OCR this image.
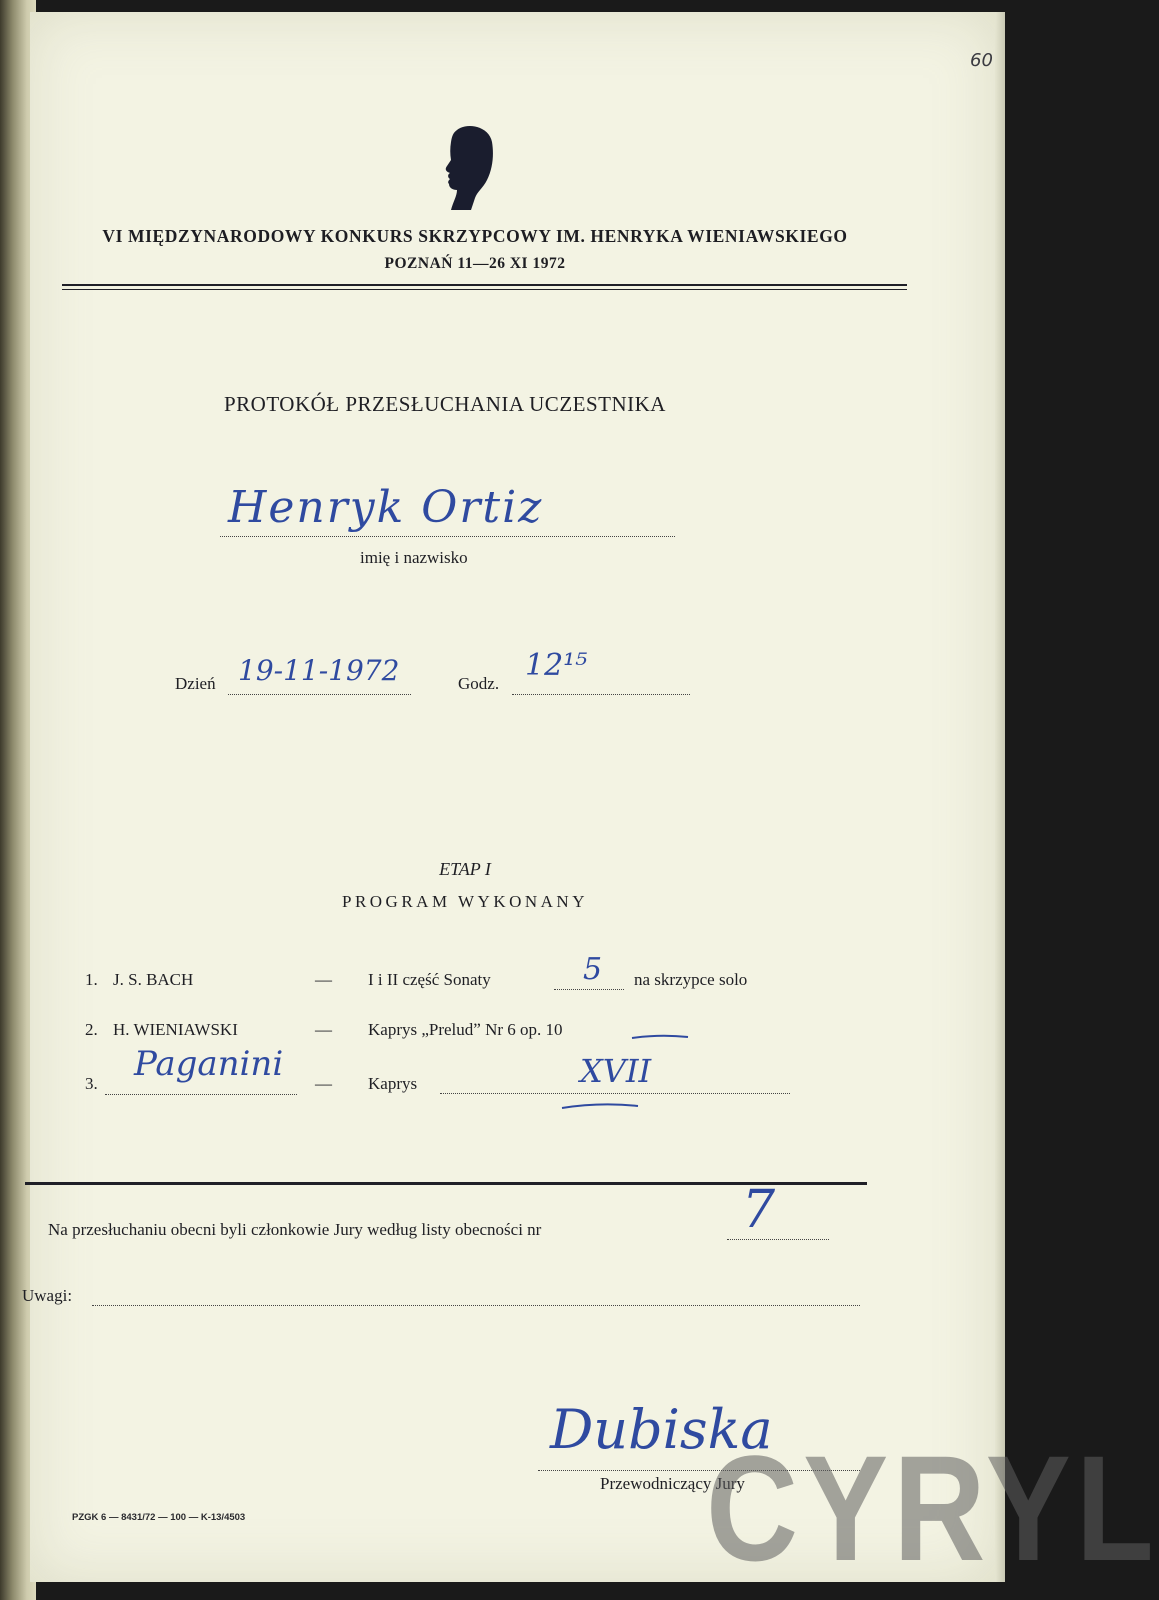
60
VI MIĘDZYNARODOWY KONKURS SKRZYPCOWY IM. HENRYKA WIENIAWSKIEGO
POZNAŃ 11—26 XI 1972
PROTOKÓŁ PRZESŁUCHANIA UCZESTNIKA
Henryk Ortiz
imię i nazwisko
Dzień 19-11-1972	Godz.
12¹⁵
ETAP I
PROGRAM WYKONANY
1. J. S. BACH	— I i II część Sonaty	5 na skrzypce solo
2. H. WIENIAWSKI	— Kaprys „Preludˮ Nr 6 op. 10
3. Paganini — Kaprys	XVII
Na przesłuchaniu obecni byli członkowie Jury według listy obecności nr	7
Uwagi:
Dubiska
Przewodniczący Jury
PZGK 6 — 8431/72 — 100 — K-13/4503	CYRYL
